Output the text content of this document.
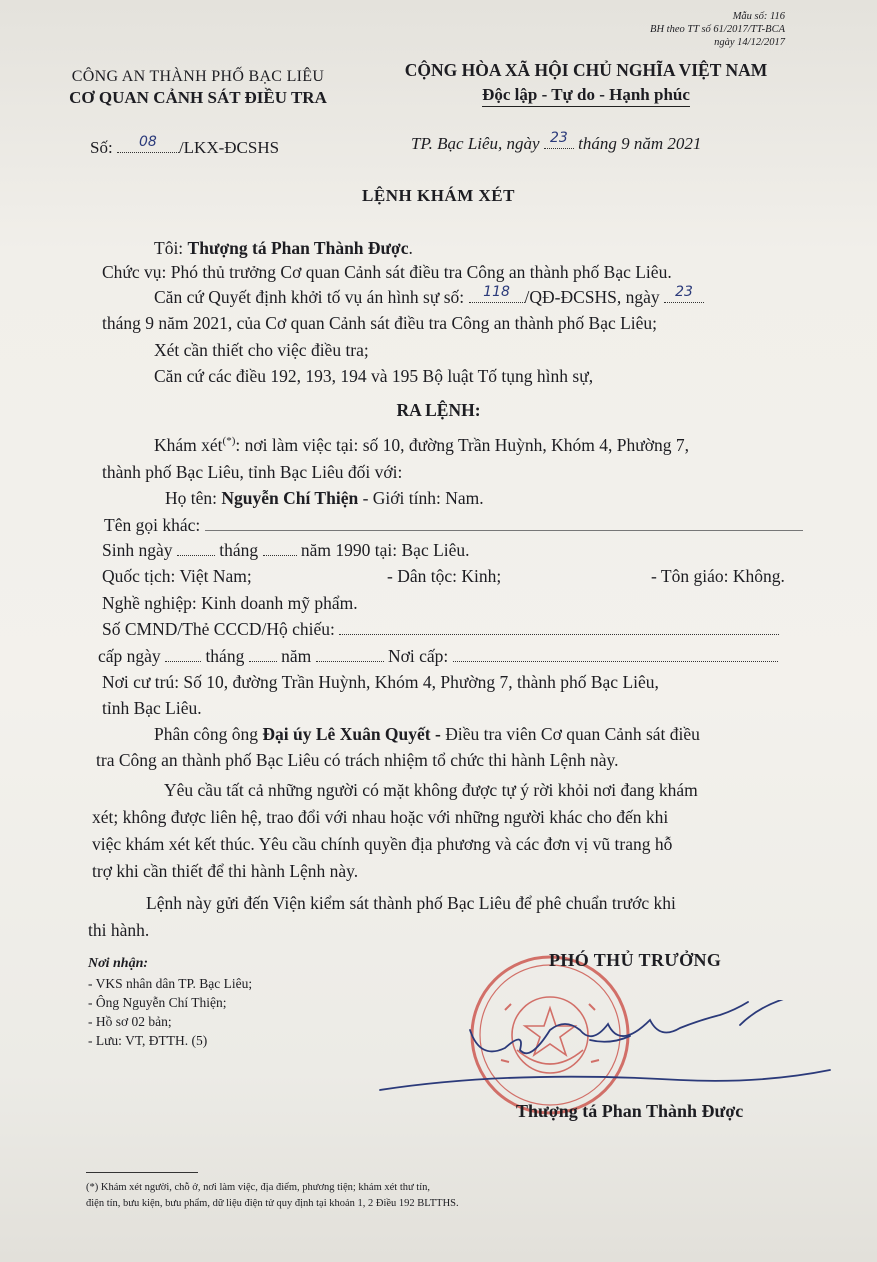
Mẫu số: 116
BH theo TT số 61/2017/TT-BCA
ngày 14/12/2017
CÔNG AN THÀNH PHỐ BẠC LIÊU
CƠ QUAN CẢNH SÁT ĐIỀU TRA
CỘNG HÒA XÃ HỘI CHỦ NGHĨA VIỆT NAM
Độc lập - Tự do - Hạnh phúc
Số: 08 /LKX-ĐCSHS	TP. Bạc Liêu, ngày 23 tháng 9 năm 2021
LỆNH KHÁM XÉT
Tôi: Thượng tá Phan Thành Được.
Chức vụ: Phó thủ trưởng Cơ quan Cảnh sát điều tra Công an thành phố Bạc Liêu.
Căn cứ Quyết định khởi tố vụ án hình sự số: 118 /QĐ-ĐCSHS, ngày 23
tháng 9 năm 2021, của Cơ quan Cảnh sát điều tra Công an thành phố Bạc Liêu;
Xét cần thiết cho việc điều tra;
Căn cứ các điều 192, 193, 194 và 195 Bộ luật Tố tụng hình sự,
RA LỆNH:
Khám xét(*): nơi làm việc tại: số 10, đường Trần Huỳnh, Khóm 4, Phường 7,
thành phố Bạc Liêu, tỉnh Bạc Liêu đối với:
Họ tên: Nguyễn Chí Thiện - Giới tính: Nam.
Tên gọi khác:
Sinh ngày	tháng năm 1990 tại: Bạc Liêu.
Quốc tịch: Việt Nam;	- Dân tộc: Kinh;	- Tôn giáo: Không.
Nghề nghiệp: Kinh doanh mỹ phẩm.
Số CMND/Thẻ CCCD/Hộ chiếu:
cấp ngày	tháng năm	Nơi cấp:
Nơi cư trú: Số 10, đường Trần Huỳnh, Khóm 4, Phường 7, thành phố Bạc Liêu,
tỉnh Bạc Liêu.
Phân công ông Đại úy Lê Xuân Quyết - Điều tra viên Cơ quan Cảnh sát điều
tra Công an thành phố Bạc Liêu có trách nhiệm tổ chức thi hành Lệnh này.
Yêu cầu tất cả những người có mặt không được tự ý rời khỏi nơi đang khám
xét; không được liên hệ, trao đổi với nhau hoặc với những người khác cho đến khi
việc khám xét kết thúc. Yêu cầu chính quyền địa phương và các đơn vị vũ trang hỗ
trợ khi cần thiết để thi hành Lệnh này.
Lệnh này gửi đến Viện kiểm sát thành phố Bạc Liêu để phê chuẩn trước khi
thi hành.
Nơi nhận:
- VKS nhân dân TP. Bạc Liêu;
- Ông Nguyễn Chí Thiện;
- Hồ sơ 02 bản;
- Lưu: VT, ĐTTH. (5)
PHÓ THỦ TRƯỞNG
Thượng tá Phan Thành Được
(*) Khám xét người, chỗ ở, nơi làm việc, địa điểm, phương tiện; khám xét thư tín,
điện tín, bưu kiện, bưu phẩm, dữ liệu điện tử quy định tại khoản 1, 2 Điều 192 BLTTHS.
